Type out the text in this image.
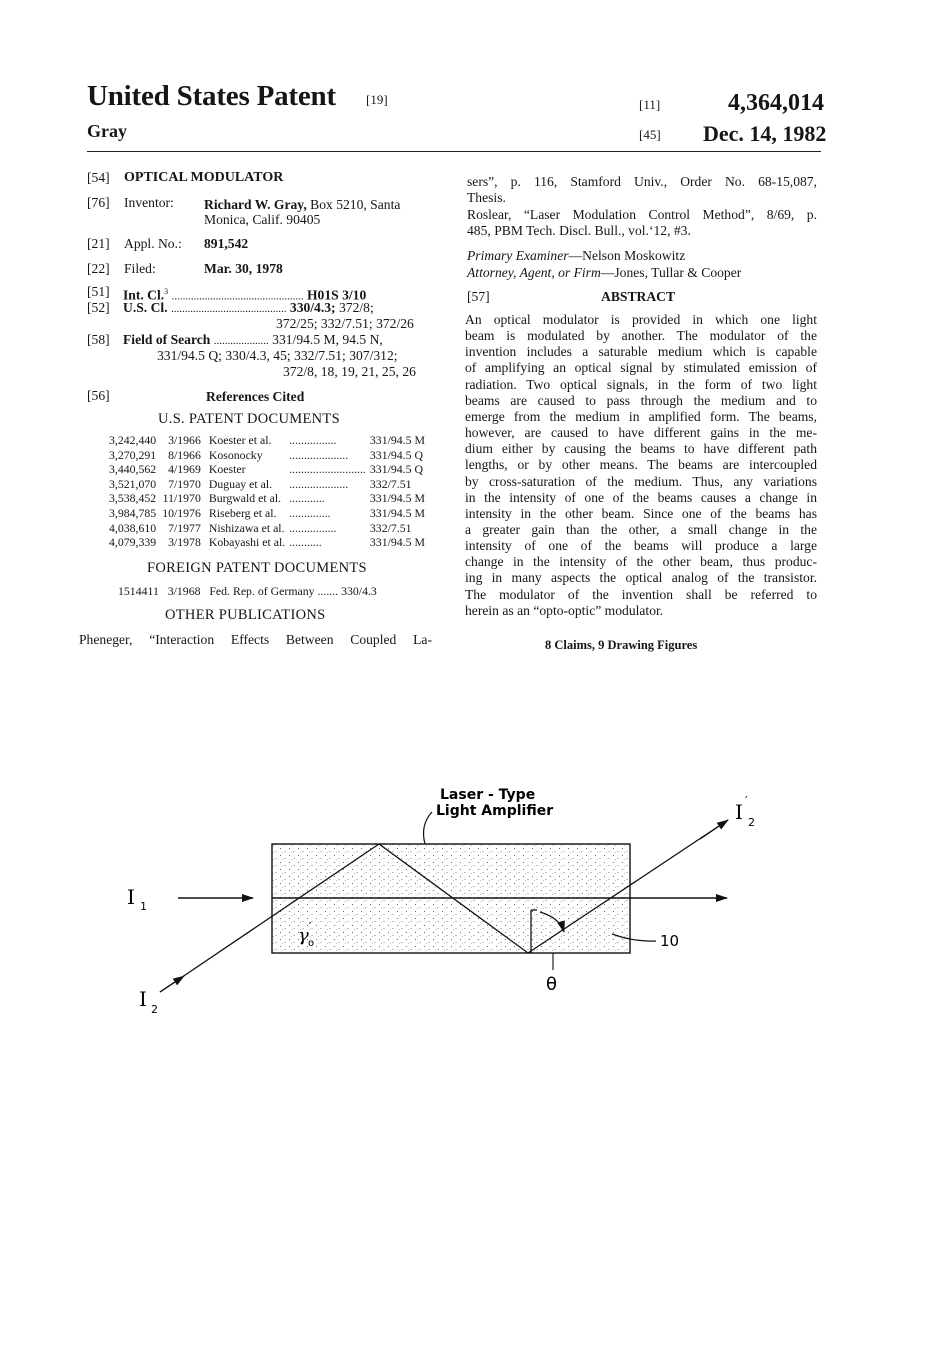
United States Patent [19]
Gray
[11]	4,364,014
[45] Dec. 14, 1982
[54] OPTICAL MODULATOR
[76] Inventor: Richard W. Gray, Box 5210, Santa
Monica, Calif. 90405
[21] Appl. No.: 891,542
[22] Filed:	Mar. 30, 1978
[51] Int. Cl.$^3$ ................................................ H01S 3/10
[52] U.S. Cl. .......................................... 330/4.3; 372/8;
372/25; 332/7.51; 372/26
[58] Field of Search .................... 331/94.5 M, 94.5 N,
331/94.5 Q; 330/4.3, 45; 332/7.51; 307/312;
372/8, 18, 19, 21, 25, 26
[56]	References Cited
U.S. PATENT DOCUMENTS
3,242,440	3/1966	Koester et al.	................	331/94.5 M
3,270,291	8/1966	Kosonocky	....................	331/94.5 Q
3,440,562	4/1969	Koester	..........................	331/94.5 Q
3,521,070	7/1970	Duguay et al.	....................	332/7.51
3,538,452	11/1970	Burgwald et al.	............	331/94.5 M
3,984,785	10/1976	Riseberg et al.	..............	331/94.5 M
4,038,610	7/1977	Nishizawa et al.	................	332/7.51
4,079,339	3/1978	Kobayashi et al.	...........	331/94.5 M
FOREIGN PATENT DOCUMENTS
1514411 3/1968 Fed. Rep. of Germany ....... 330/4.3
OTHER PUBLICATIONS
Pheneger, “Interaction Effects Between Coupled La-
sers”, p. 116, Stamford Univ., Order No. 68-15,087,
Thesis.
Roslear, “Laser Modulation Control Method”, 8/69, p.
485, PBM Tech. Discl. Bull., vol.‘12, #3.
Primary Examiner—Nelson Moskowitz
Attorney, Agent, or Firm—Jones, Tullar & Cooper
[57]	ABSTRACT
An optical modulator is provided in which one light
beam is modulated by another. The modulator of the
invention includes a saturable medium which is capable
of amplifying an optical signal by stimulated emission of
radiation. Two optical signals, in the form of two light
beams are caused to pass through the medium and to
emerge from the medium in amplified form. The beams,
however, are caused to have different gains in the me-
dium either by causing the beams to have different path
lengths, or by other means. The beams are intercoupled
by cross-saturation of the medium. Thus, any variations
in the intensity of one of the beams causes a change in
intensity in the other beam. Since one of the beams has
a greater gain than the other, a small change in the
intensity of one of the beams will produce a large
change in the intensity of the other beam, thus produc-
ing in many aspects the optical analog of the transistor.
The modulator of the invention shall be referred to
herein as an “opto-optic” modulator.
8 Claims, 9 Drawing Figures
Laser - Type
Light Amplifier
I 1
I 2
I 2
′
γ o
′
θ
10
